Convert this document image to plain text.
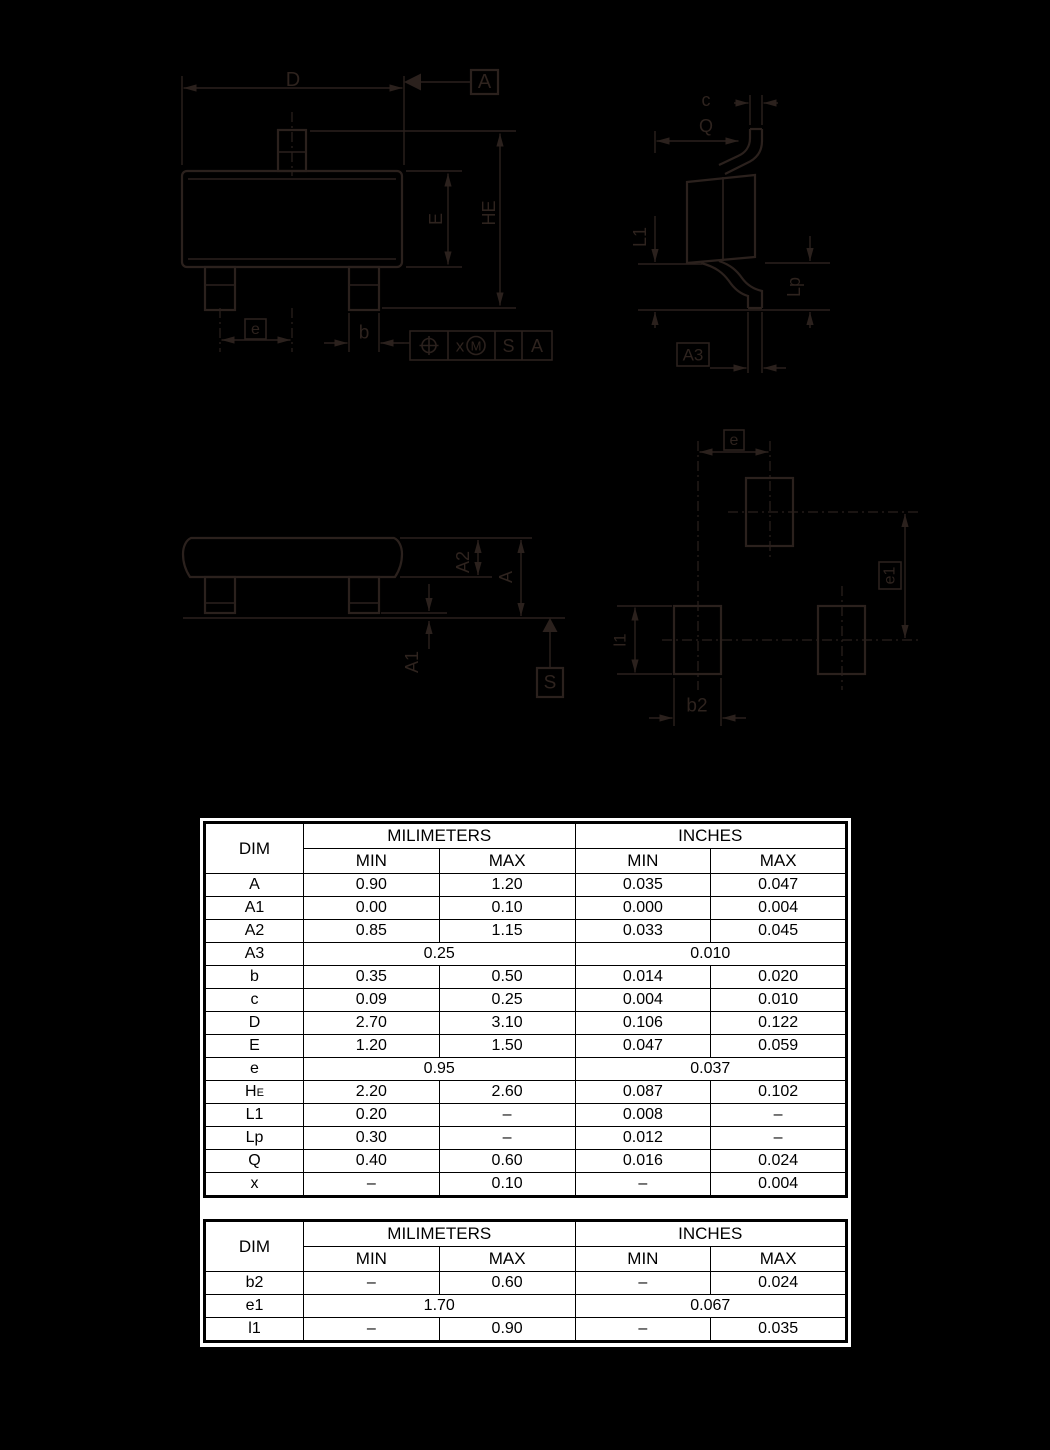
D	A
E HE
e	b
x M S A
c
Q
L1
Lp
A3
A2
A
A1
S
e
e1
l1
b2
DIM	MILIMETERS		INCHES	
	MIN	MAX	MIN	MAX
A	0.90	1.20	0.035	0.047
A1	0.00	0.10	0.000	0.004
A2	0.85	1.15	0.033	0.045
A3	0.25		0.010	
b	0.35	0.50	0.014	0.020
c	0.09	0.25	0.004	0.010
D	2.70	3.10	0.106	0.122
E	1.20	1.50	0.047	0.059
e	0.95		0.037	
HE	2.20	2.60	0.087	0.102
L1	0.20	–	0.008	–
Lp	0.30	–	0.012	–
Q	0.40	0.60	0.016	0.024
x	–	0.10	–	0.004
DIM	MILIMETERS		INCHES	
	MIN	MAX	MIN	MAX
b2	–	0.60	–	0.024
e1	1.70		0.067	
l1	–	0.90	–	0.035
